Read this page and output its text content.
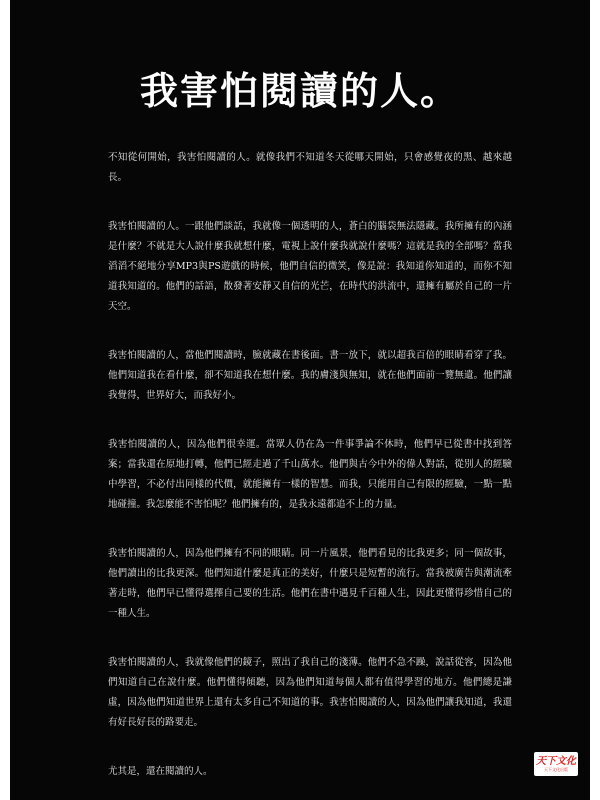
我害怕閱讀的人。

不知從何開始，我害怕閱讀的人。就像我們不知道冬天從哪天開始，只會感覺夜的黑、越來越長。

我害怕閱讀的人。一跟他們談話，我就像一個透明的人，蒼白的腦袋無法隱藏。我所擁有的內涵是什麼？不就是大人說什麼我就想什麼，電視上說什麼我就說什麼嗎？這就是我的全部嗎？當我滔滔不絕地分享MP3與PS遊戲的時候，他們自信的微笑，像是說：我知道你知道的，而你不知道我知道的。他們的話語，散發著安靜又自信的光芒，在時代的洪流中，還擁有屬於自己的一片天空。

我害怕閱讀的人，當他們閱讀時，臉就藏在書後面。書一放下，就以超我百倍的眼睛看穿了我。他們知道我在看什麼，卻不知道我在想什麼。我的膚淺與無知，就在他們面前一覽無遺。他們讓我覺得，世界好大，而我好小。

我害怕閱讀的人，因為他們很幸運。當眾人仍在為一件事爭論不休時，他們早已從書中找到答案；當我還在原地打轉，他們已經走過了千山萬水。他們與古今中外的偉人對話，從別人的經驗中學習，不必付出同樣的代價，就能擁有一樣的智慧。而我，只能用自己有限的經驗，一點一點地碰撞。我怎麼能不害怕呢？他們擁有的，是我永遠都追不上的力量。

我害怕閱讀的人，因為他們擁有不同的眼睛。同一片風景，他們看見的比我更多；同一個故事，他們讀出的比我更深。他們知道什麼是真正的美好，什麼只是短暫的流行。當我被廣告與潮流牽著走時，他們早已懂得選擇自己要的生活。他們在書中遇見千百種人生，因此更懂得珍惜自己的一種人生。

我害怕閱讀的人，我就像他們的鏡子，照出了我自己的淺薄。他們不急不躁，說話從容，因為他們知道自己在說什麼。他們懂得傾聽，因為他們知道每個人都有值得學習的地方。他們總是謙虛，因為他們知道世界上還有太多自己不知道的事。我害怕閱讀的人，因為他們讓我知道，我還有好長好長的路要走。

尤其是，還在閱讀的人。

天下文化
天下文化出版
